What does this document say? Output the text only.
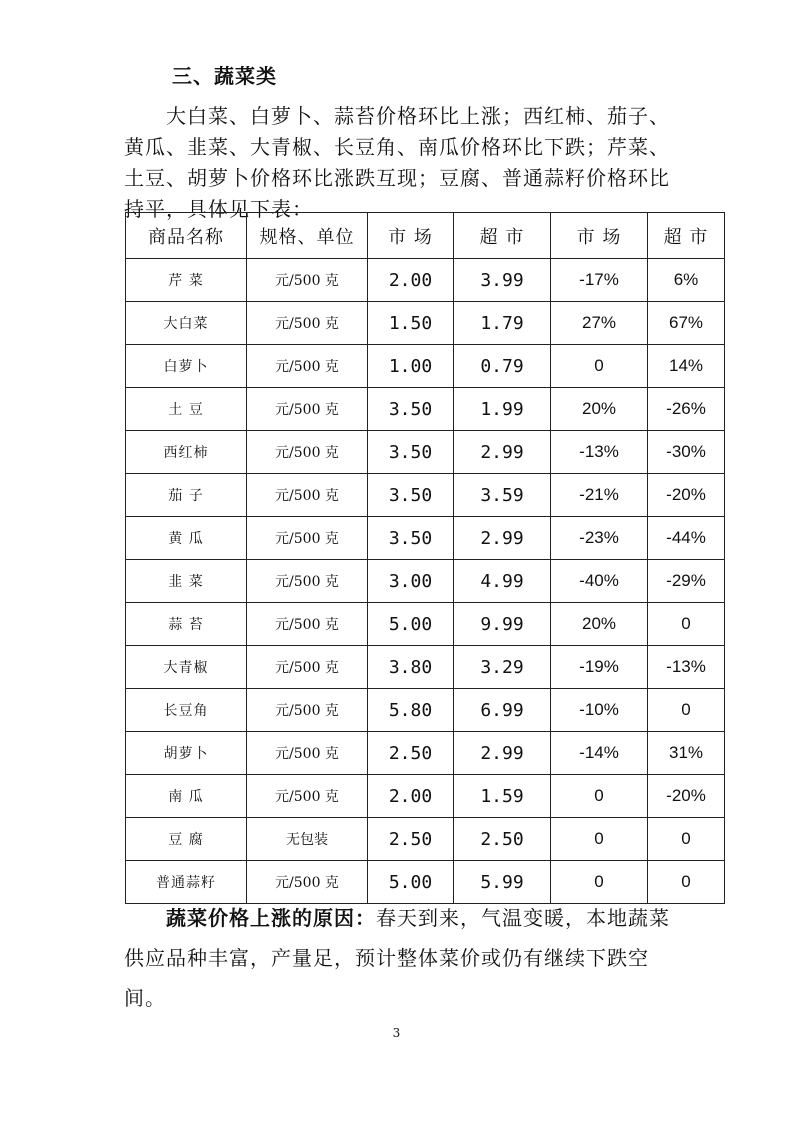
三、蔬菜类

大白菜、白萝卜、蒜苔价格环比上涨；西红柿、茄子、黄瓜、韭菜、大青椒、长豆角、南瓜价格环比下跌；芹菜、土豆、胡萝卜价格环比涨跌互现；豆腐、普通蒜籽价格环比持平，具体见下表：

商品名称	规格、单位	市 场	超 市	市 场	超 市
芹 菜	元/500 克	2.00	3.99	-17%	6%
大白菜	元/500 克	1.50	1.79	27%	67%
白萝卜	元/500 克	1.00	0.79	0	14%
土 豆	元/500 克	3.50	1.99	20%	-26%
西红柿	元/500 克	3.50	2.99	-13%	-30%
茄 子	元/500 克	3.50	3.59	-21%	-20%
黄 瓜	元/500 克	3.50	2.99	-23%	-44%
韭 菜	元/500 克	3.00	4.99	-40%	-29%
蒜 苔	元/500 克	5.00	9.99	20%	0
大青椒	元/500 克	3.80	3.29	-19%	-13%
长豆角	元/500 克	5.80	6.99	-10%	0
胡萝卜	元/500 克	2.50	2.99	-14%	31%
南 瓜	元/500 克	2.00	1.59	0	-20%
豆 腐	无包装	2.50	2.50	0	0
普通蒜籽	元/500 克	5.00	5.99	0	0

蔬菜价格上涨的原因：春天到来，气温变暖，本地蔬菜供应品种丰富，产量足，预计整体菜价或仍有继续下跌空间。

3
